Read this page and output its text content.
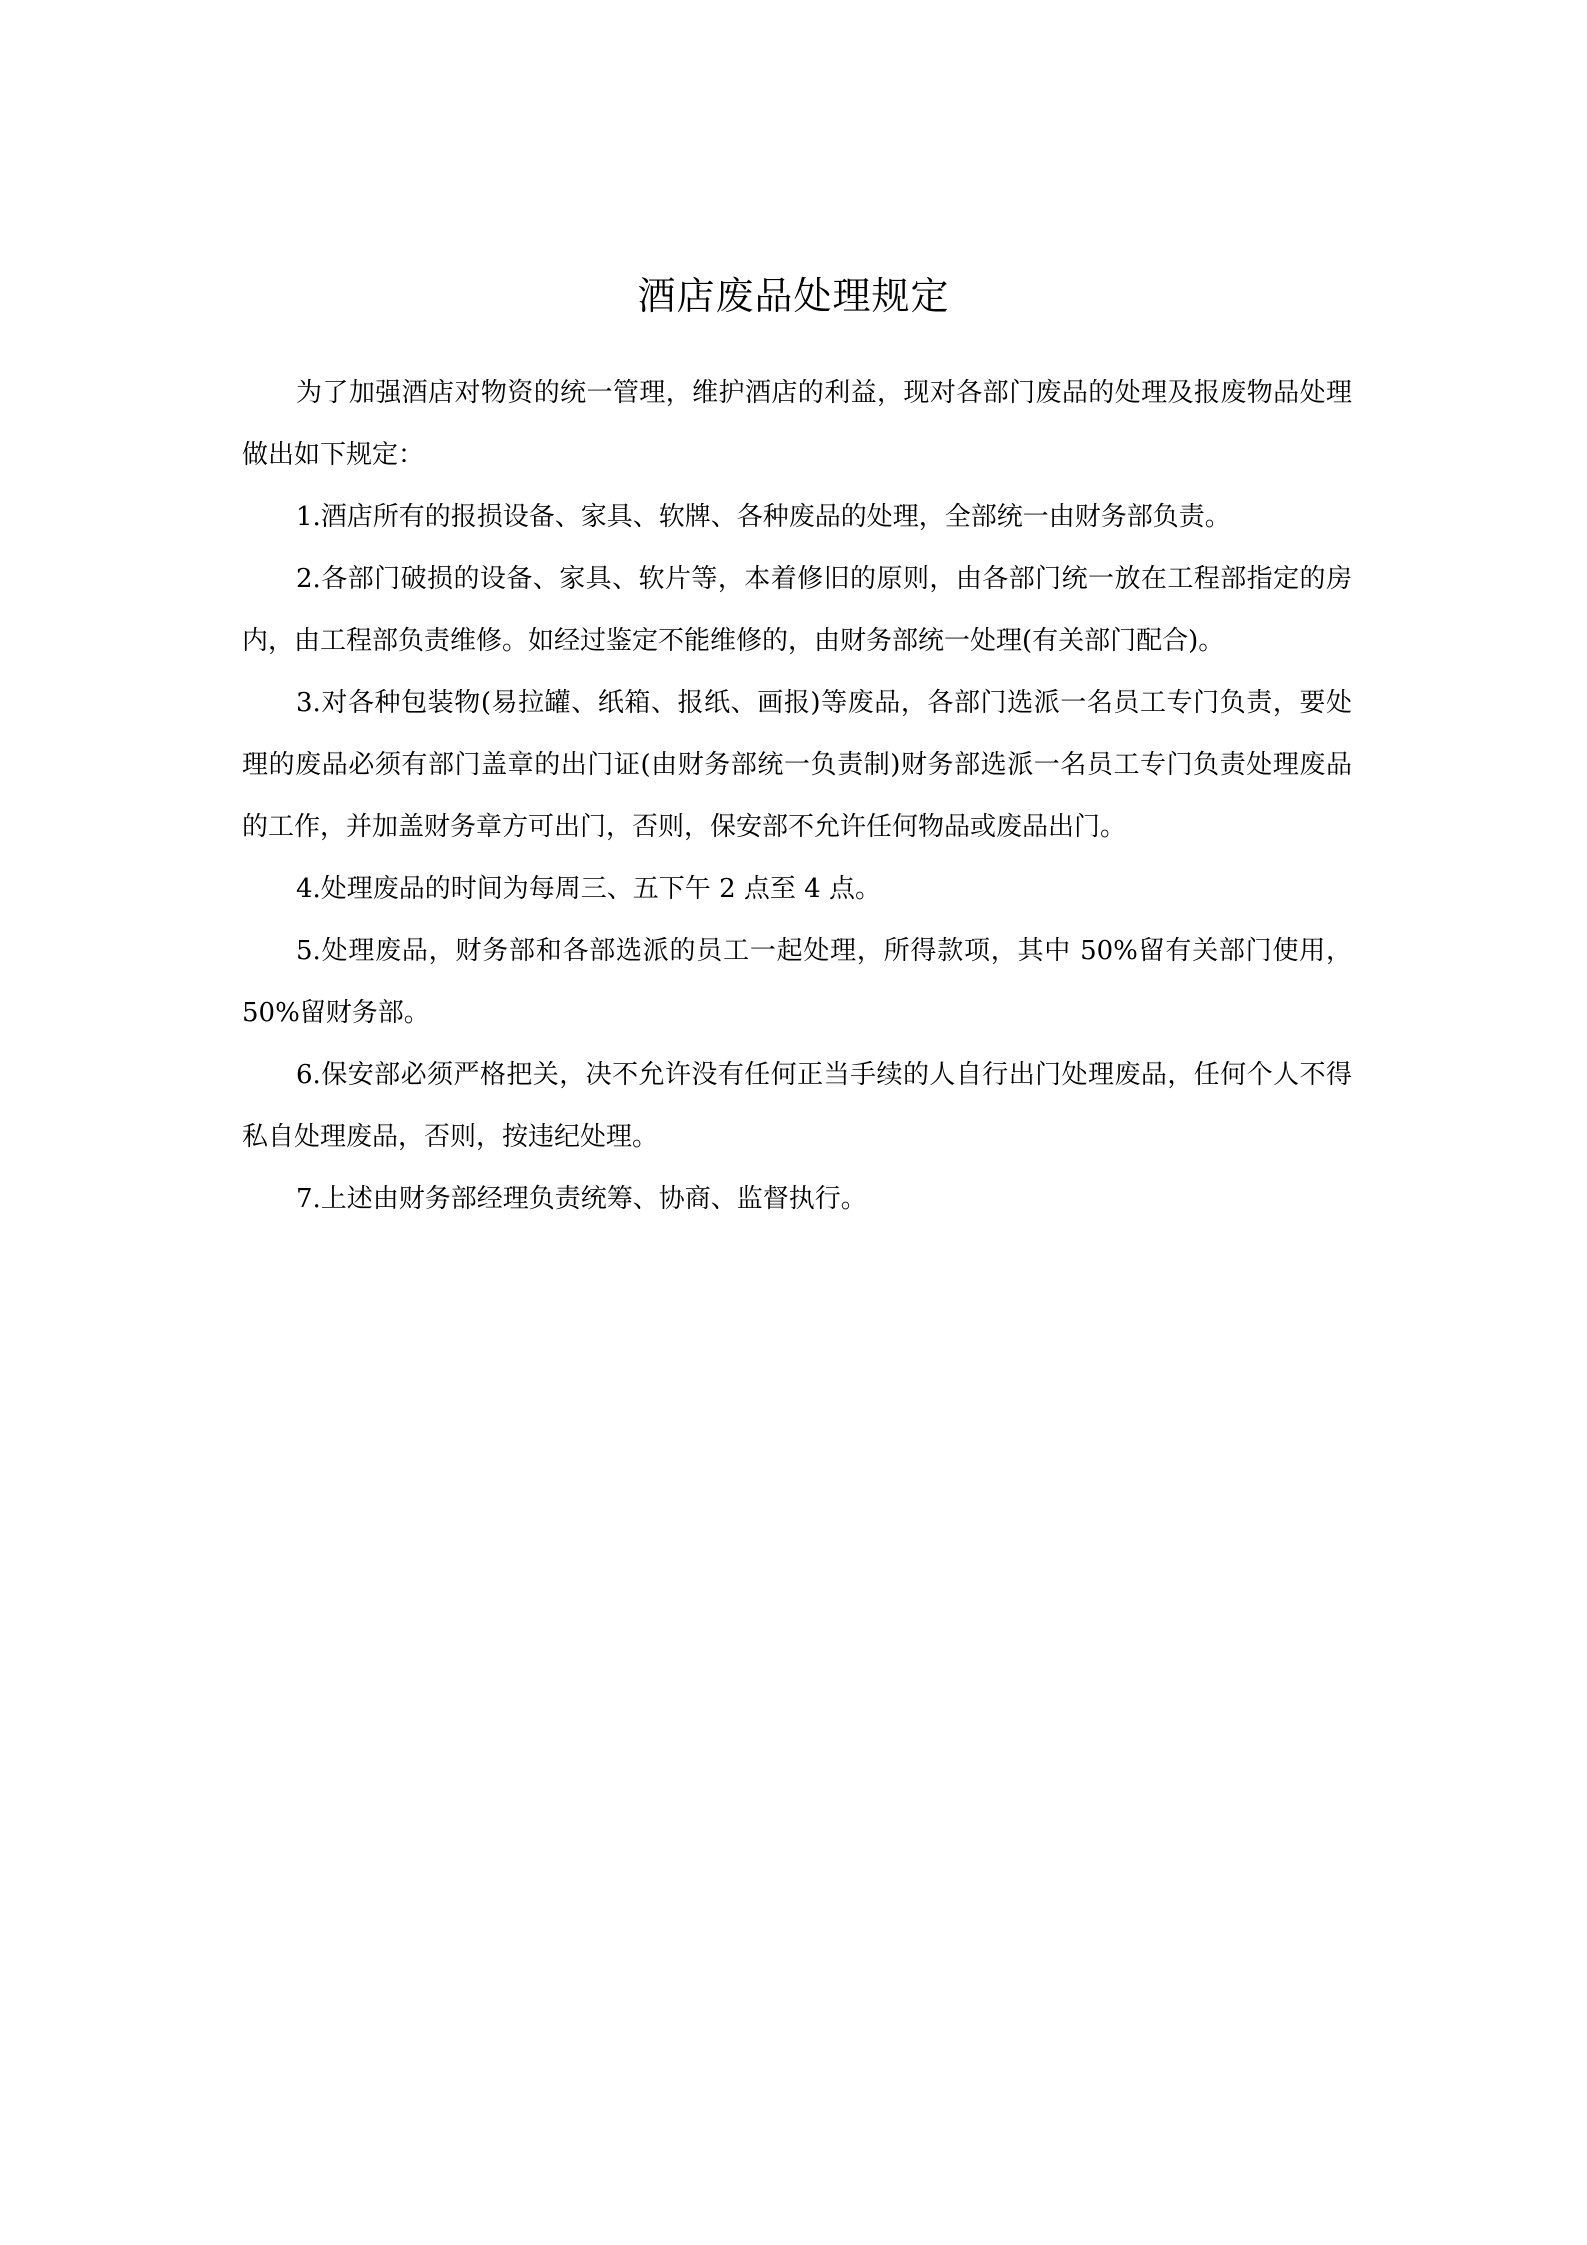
酒店废品处理规定

为了加强酒店对物资的统一管理，维护酒店的利益，现对各部门废品的处理及报废物品处理做出如下规定：

1.酒店所有的报损设备、家具、软牌、各种废品的处理，全部统一由财务部负责。

2.各部门破损的设备、家具、软片等，本着修旧的原则，由各部门统一放在工程部指定的房内，由工程部负责维修。如经过鉴定不能维修的，由财务部统一处理(有关部门配合)。

3.对各种包装物(易拉罐、纸箱、报纸、画报)等废品，各部门选派一名员工专门负责，要处理的废品必须有部门盖章的出门证(由财务部统一负责制)财务部选派一名员工专门负责处理废品的工作，并加盖财务章方可出门，否则，保安部不允许任何物品或废品出门。

4.处理废品的时间为每周三、五下午 2 点至 4 点。

5.处理废品，财务部和各部选派的员工一起处理，所得款项，其中 50%留有关部门使用，50%留财务部。

6.保安部必须严格把关，决不允许没有任何正当手续的人自行出门处理废品，任何个人不得私自处理废品，否则，按违纪处理。

7.上述由财务部经理负责统筹、协商、监督执行。
